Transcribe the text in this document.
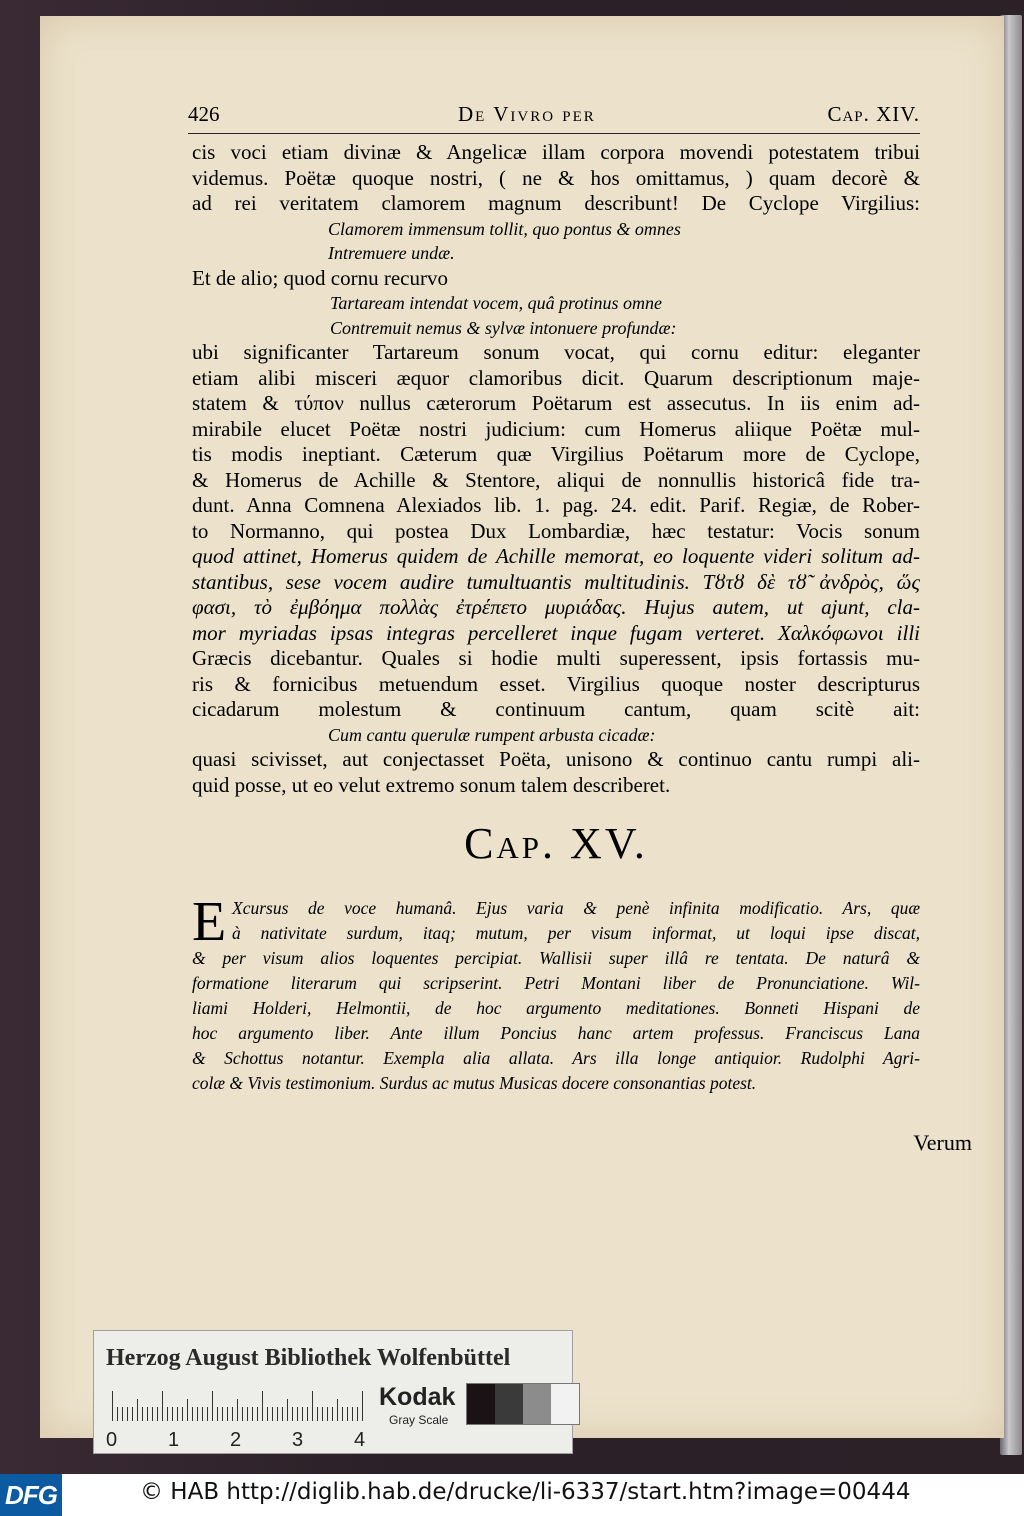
426	De Vivro per	Cap. XIV.
cis voci etiam divinæ & Angelicæ illam corpora movendi potestatem tribui
videmus. Poëtæ quoque nostri, ( ne & hos omittamus, ) quam decorè &
ad rei veritatem clamorem magnum describunt! De Cyclope Virgilius:
Clamorem immensum tollit, quo pontus & omnes
Intremuere undæ.
Et de alio; quod cornu recurvo
Tartaream intendat vocem, quâ protinus omne
Contremuit nemus & sylvæ intonuere profundæ:
ubi significanter Tartareum sonum vocat, qui cornu editur: eleganter
etiam alibi misceri æquor clamoribus dicit. Quarum descriptionum maje-
statem & τύπον nullus cæterorum Poëtarum est assecutus. In iis enim ad-
mirabile elucet Poëtæ nostri judicium: cum Homerus aliique Poëtæ mul-
tis modis ineptiant. Cæterum quæ Virgilius Poëtarum more de Cyclope,
& Homerus de Achille & Stentore, aliqui de nonnullis historicâ fide tra-
dunt. Anna Comnena Alexiados lib. 1. pag. 24. edit. Parif. Regiæ, de Rober-
to Normanno, qui postea Dux Lombardiæ, hæc testatur: Vocis sonum
quod attinet, Homerus quidem de Achille memorat, eo loquente videri solitum ad-
stantibus, sese vocem audire tumultuantis multitudinis. Τȣτȣ δὲ τȣ̃ ἀνδρὸς, ὥς
φασι, τὸ ἐμβόημα πολλὰς ἐτρέπετο μυριάδας. Hujus autem, ut ajunt, cla-
mor myriadas ipsas integras percelleret inque fugam verteret. Χαλκόφωνοι illi
Græcis dicebantur. Quales si hodie multi superessent, ipsis fortassis mu-
ris & fornicibus metuendum esset. Virgilius quoque noster descripturus
cicadarum molestum & continuum cantum, quam scitè ait:
Cum cantu querulæ rumpent arbusta cicadæ:
quasi scivisset, aut conjectasset Poëta, unisono & continuo cantu rumpi ali-
quid posse, ut eo velut extremo sonum talem describeret.
Cap. XV.
E Xcursus de voce humanâ. Ejus varia & penè infinita modificatio. Ars, quæ
à nativitate surdum, itaq; mutum, per visum informat, ut loqui ipse discat,
& per visum alios loquentes percipiat. Wallisii super illâ re tentata. De naturâ &
formatione literarum qui scripserint. Petri Montani liber de Pronunciatione. Wil-
liami Holderi, Helmontii, de hoc argumento meditationes. Bonneti Hispani de
hoc argumento liber. Ante illum Poncius hanc artem professus. Franciscus Lana
& Schottus notantur. Exempla alia allata. Ars illa longe antiquior. Rudolphi Agri-
colæ & Vivis testimonium. Surdus ac mutus Musicas docere consonantias potest.
Verum
Herzog August Bibliothek Wolfenbüttel
0	1	2	3	4
Kodak
Gray Scale
DFG	© HAB http://diglib.hab.de/drucke/li-6337/start.htm?image=00444
